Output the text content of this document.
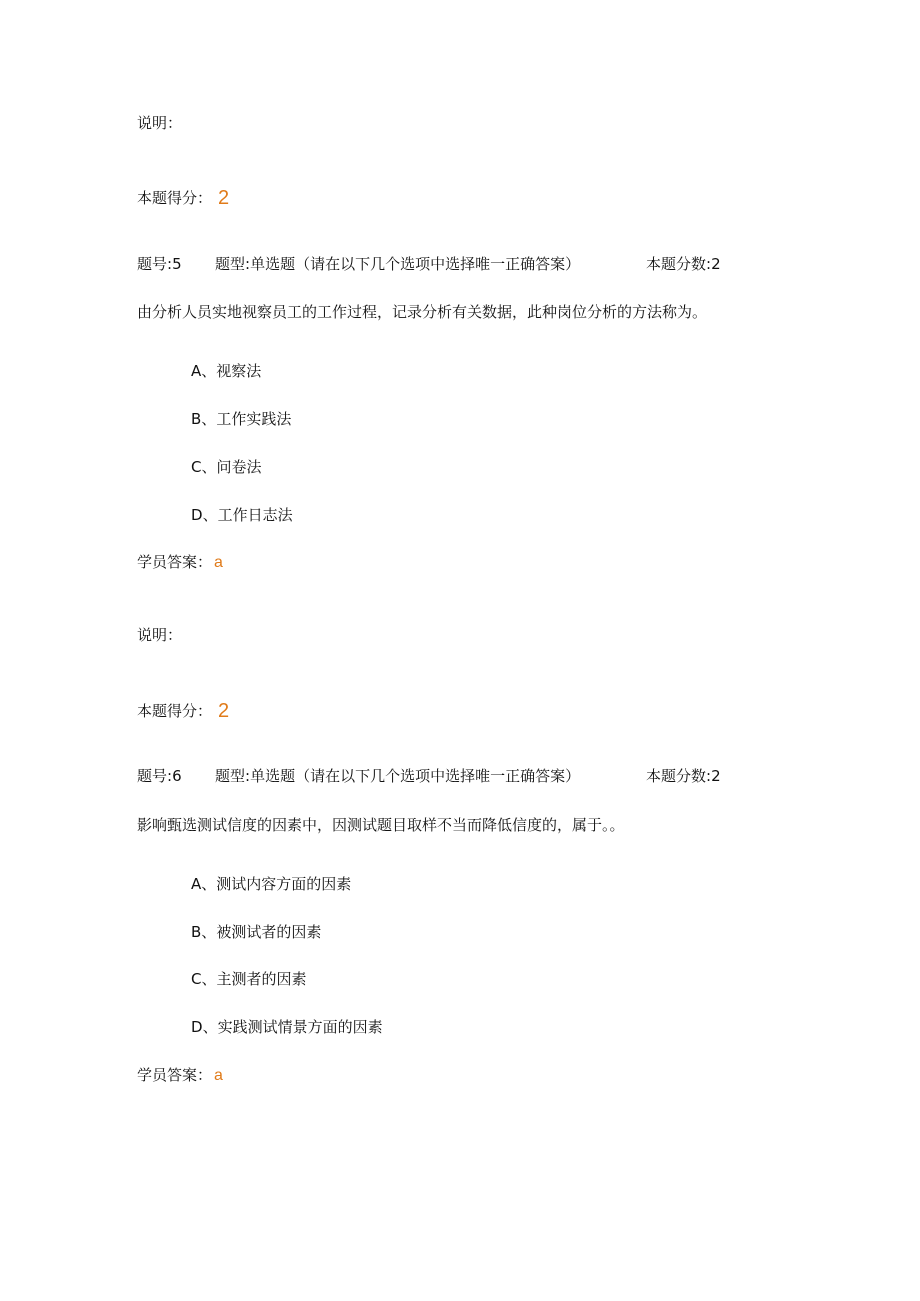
说明：
本题得分： 2
题号:5 题型:单选题（请在以下几个选项中选择唯一正确答案）	本题分数:2
由分析人员实地视察员工的工作过程，记录分析有关数据，此种岗位分析的方法称为。
A、视察法
B、工作实践法
C、问卷法
D、工作日志法
学员答案： a
说明：
本题得分： 2
题号:6 题型:单选题（请在以下几个选项中选择唯一正确答案）	本题分数:2
影响甄选测试信度的因素中，因测试题目取样不当而降低信度的，属于。。
A、测试内容方面的因素
B、被测试者的因素
C、主测者的因素
D、实践测试情景方面的因素
学员答案： a
